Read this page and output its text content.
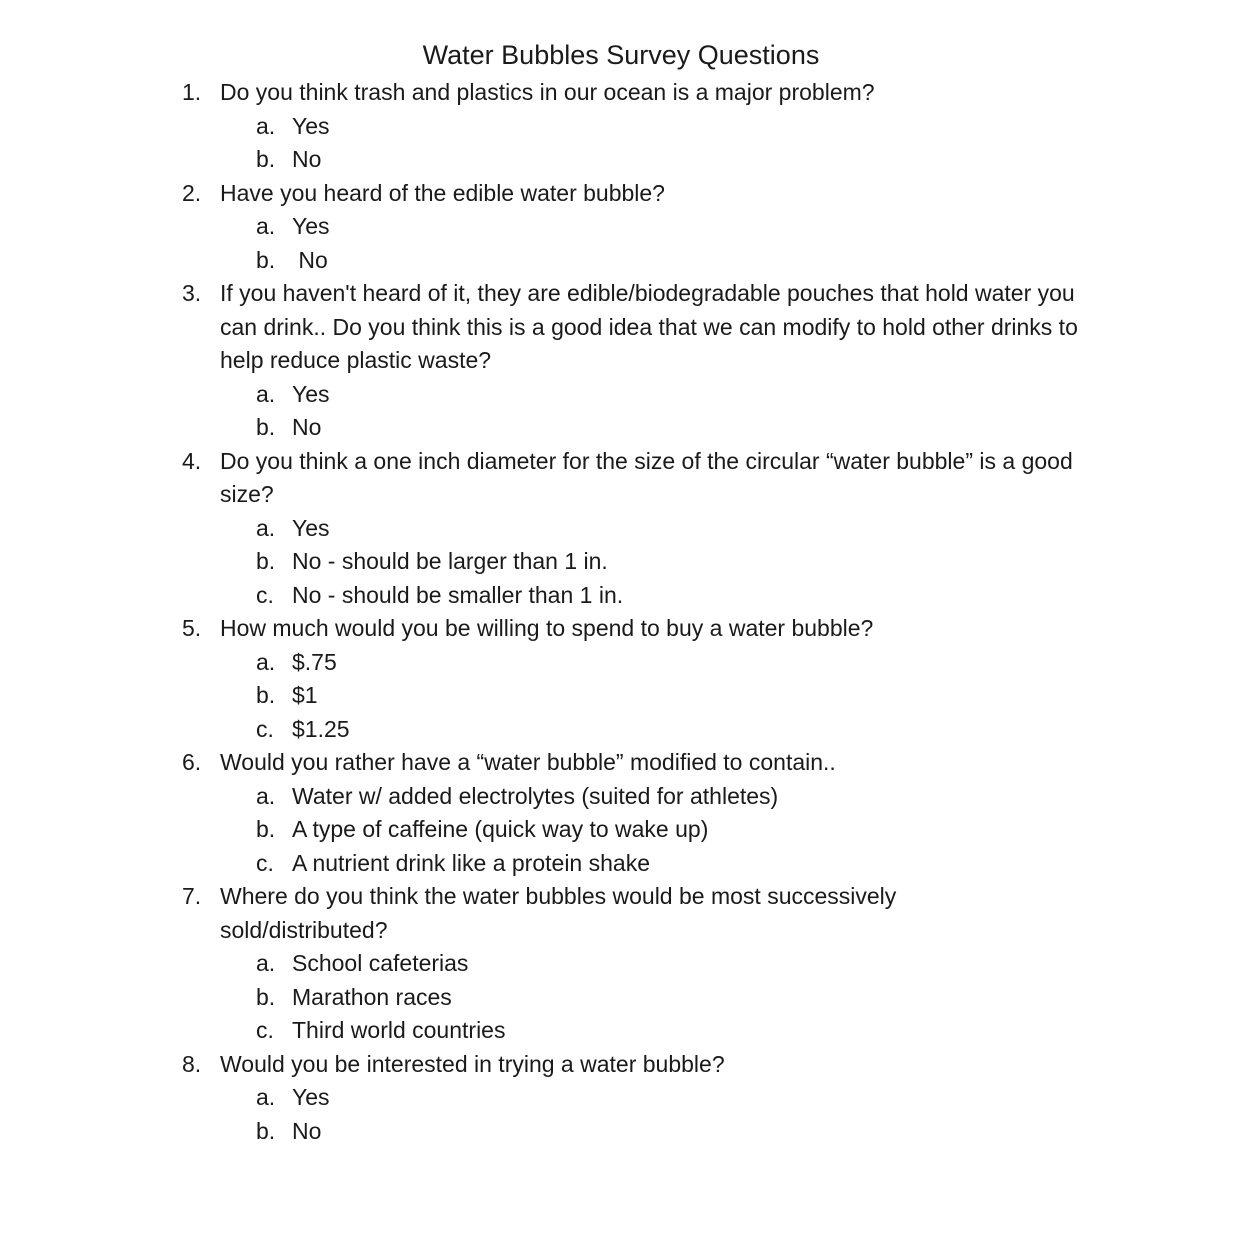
Water Bubbles Survey Questions
1. Do you think trash and plastics in our ocean is a major problem?

a. Yes
b. No
2. Have you heard of the edible water bubble?

a. Yes
b. No
3. If you haven't heard of it, they are edible/biodegradable pouches that hold water you can drink.. Do you think this is a good idea that we can modify to hold other drinks to help reduce plastic waste?

a. Yes
b. No
4. Do you think a one inch diameter for the size of the circular “water bubble” is a good size?

a. Yes
b. No - should be larger than 1 in.
c. No - should be smaller than 1 in.
5. How much would you be willing to spend to buy a water bubble?

a. $.75
b. $1
c. $1.25
6. Would you rather have a “water bubble” modified to contain..

a. Water w/ added electrolytes (suited for athletes)
b. A type of caffeine (quick way to wake up)
c. A nutrient drink like a protein shake
7. Where do you think the water bubbles would be most successively sold/distributed?

a. School cafeterias
b. Marathon races
c. Third world countries
8. Would you be interested in trying a water bubble?

a. Yes
b. No
